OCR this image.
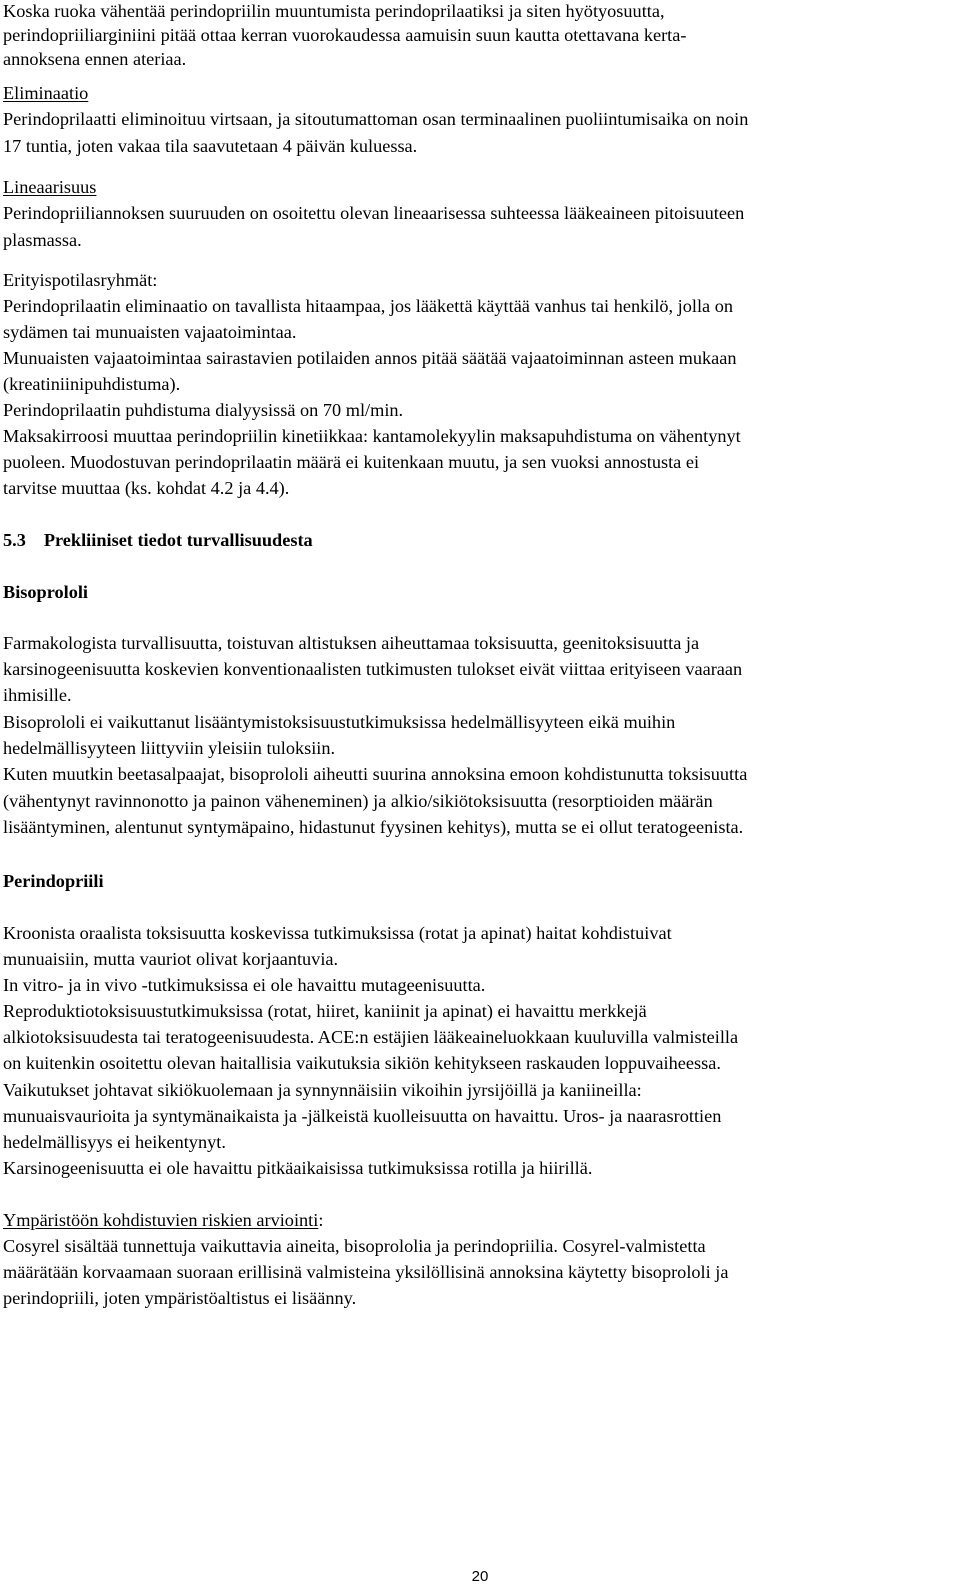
Koska ruoka vähentää perindopriilin muuntumista perindoprilaatiksi ja siten hyötyosuutta,
perindopriiliarginiini pitää ottaa kerran vuorokaudessa aamuisin suun kautta otettavana kerta-
annoksena ennen ateriaa.
Eliminaatio
Perindoprilaatti eliminoituu virtsaan, ja sitoutumattoman osan terminaalinen puoliintumisaika on noin
17 tuntia, joten vakaa tila saavutetaan 4 päivän kuluessa.
Lineaarisuus
Perindopriiliannoksen suuruuden on osoitettu olevan lineaarisessa suhteessa lääkeaineen pitoisuuteen
plasmassa.
Erityispotilasryhmät:
Perindoprilaatin eliminaatio on tavallista hitaampaa, jos lääkettä käyttää vanhus tai henkilö, jolla on
sydämen tai munuaisten vajaatoimintaa.
Munuaisten vajaatoimintaa sairastavien potilaiden annos pitää säätää vajaatoiminnan asteen mukaan
(kreatiniinipuhdistuma).
Perindoprilaatin puhdistuma dialyysissä on 70 ml/min.
Maksakirroosi muuttaa perindopriilin kinetiikkaa: kantamolekyylin maksapuhdistuma on vähentynyt
puoleen. Muodostuvan perindoprilaatin määrä ei kuitenkaan muutu, ja sen vuoksi annostusta ei
tarvitse muuttaa (ks. kohdat 4.2 ja 4.4).
5.3 Prekliiniset tiedot turvallisuudesta
Bisoprololi
Farmakologista turvallisuutta, toistuvan altistuksen aiheuttamaa toksisuutta, geenitoksisuutta ja
karsinogeenisuutta koskevien konventionaalisten tutkimusten tulokset eivät viittaa erityiseen vaaraan
ihmisille.
Bisoprololi ei vaikuttanut lisääntymistoksisuustutkimuksissa hedelmällisyyteen eikä muihin
hedelmällisyyteen liittyviin yleisiin tuloksiin.
Kuten muutkin beetasalpaajat, bisoprololi aiheutti suurina annoksina emoon kohdistunutta toksisuutta
(vähentynyt ravinnonotto ja painon väheneminen) ja alkio/sikiötoksisuutta (resorptioiden määrän
lisääntyminen, alentunut syntymäpaino, hidastunut fyysinen kehitys), mutta se ei ollut teratogeenista.
Perindopriili
Kroonista oraalista toksisuutta koskevissa tutkimuksissa (rotat ja apinat) haitat kohdistuivat
munuaisiin, mutta vauriot olivat korjaantuvia.
In vitro- ja in vivo -tutkimuksissa ei ole havaittu mutageenisuutta.
Reproduktiotoksisuustutkimuksissa (rotat, hiiret, kaniinit ja apinat) ei havaittu merkkejä
alkiotoksisuudesta tai teratogeenisuudesta. ACE:n estäjien lääkeaineluokkaan kuuluvilla valmisteilla
on kuitenkin osoitettu olevan haitallisia vaikutuksia sikiön kehitykseen raskauden loppuvaiheessa.
Vaikutukset johtavat sikiökuolemaan ja synnynnäisiin vikoihin jyrsijöillä ja kaniineilla:
munuaisvaurioita ja syntymänaikaista ja -jälkeistä kuolleisuutta on havaittu. Uros- ja naarasrottien
hedelmällisyys ei heikentynyt.
Karsinogeenisuutta ei ole havaittu pitkäaikaisissa tutkimuksissa rotilla ja hiirillä.
Ympäristöön kohdistuvien riskien arviointi:
Cosyrel sisältää tunnettuja vaikuttavia aineita, bisoprololia ja perindopriilia. Cosyrel-valmistetta
määrätään korvaamaan suoraan erillisinä valmisteina yksilöllisinä annoksina käytetty bisoprololi ja
perindopriili, joten ympäristöaltistus ei lisäänny.
20
